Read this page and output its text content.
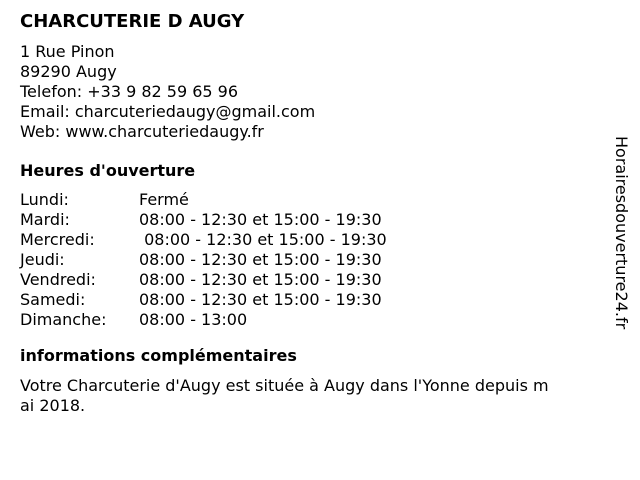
CHARCUTERIE D AUGY
1 Rue Pinon
89290 Augy
Telefon: +33 9 82 59 65 96
Email: charcuteriedaugy@gmail.com
Web: www.charcuteriedaugy.fr
Heures d'ouverture
Lundi:	Fermé
Mardi:	08:00 - 12:30 et 15:00 - 19:30
Mercredi:	08:00 - 12:30 et 15:00 - 19:30
Jeudi:	08:00 - 12:30 et 15:00 - 19:30
Vendredi:	08:00 - 12:30 et 15:00 - 19:30
Samedi:	08:00 - 12:30 et 15:00 - 19:30
Dimanche:	08:00 - 13:00
informations complémentaires
Votre Charcuterie d'Augy est située à Augy dans l'Yonne depuis mai 2018.
Horairesdouverture24.fr
